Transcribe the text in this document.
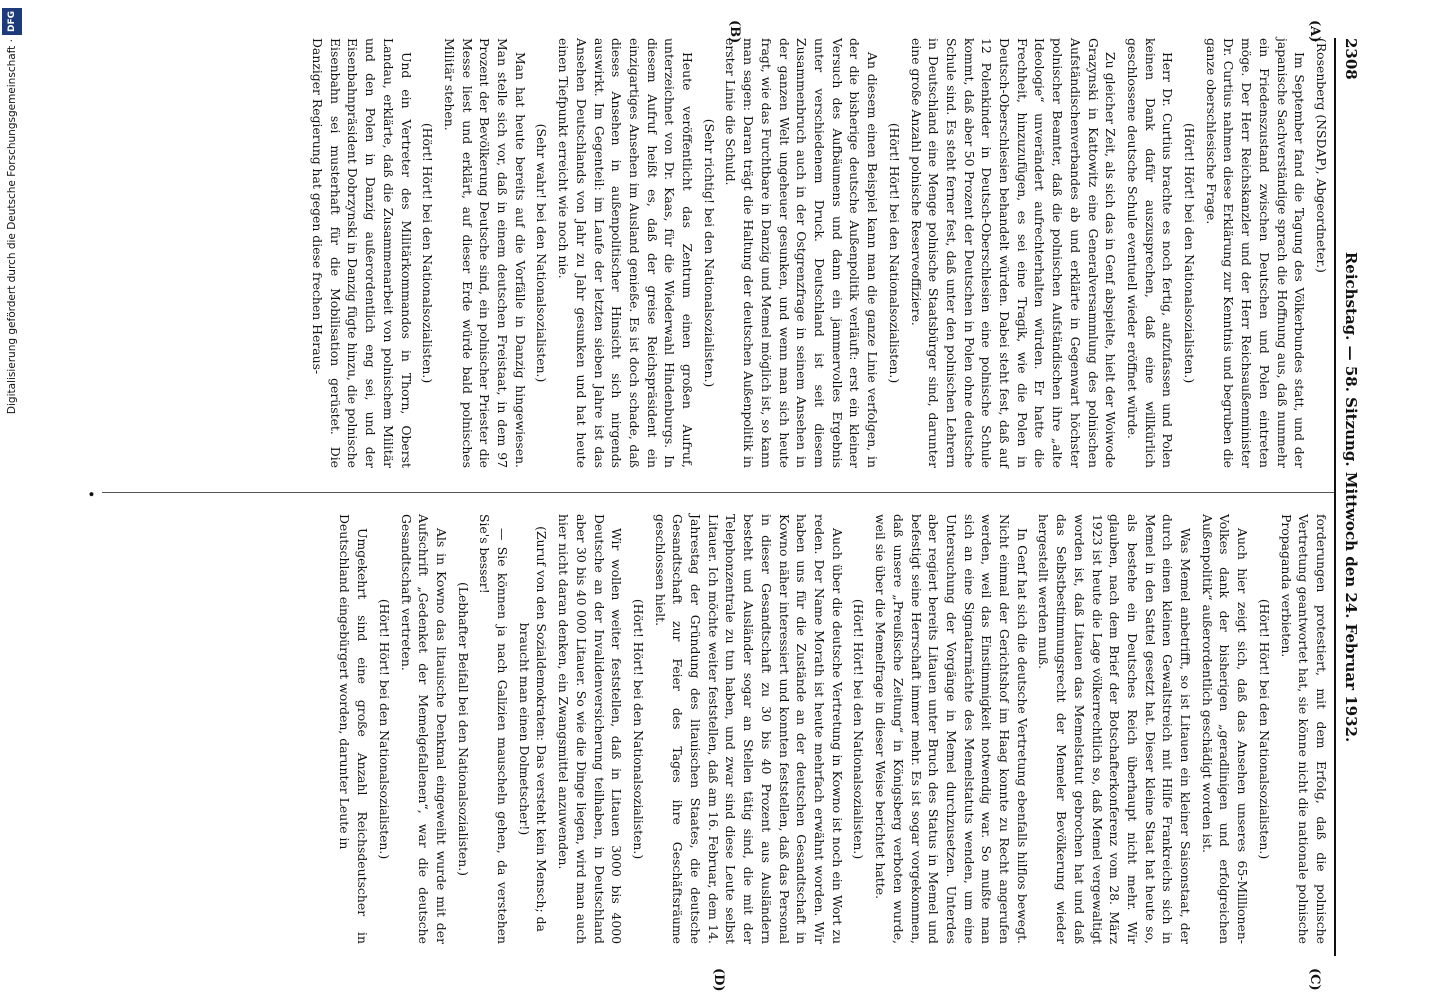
2308
Reichstag. — 58. Sitzung. Mittwoch den 24. Februar 1932.
(A)
(B)
(C)
(D)

(Rosenberg (NSDAP), Abgeordneter.)

Im September fand die Tagung des Völkerbundes statt, und der japanische Sachverständige sprach die Hoffnung aus, daß nunmehr ein Friedenszustand zwischen Deutschen und Polen eintreten möge. Der Herr Reichskanzler und der Herr Reichsaußenminister Dr. Curtius nahmen diese Erklärung zur Kenntnis und begruben die ganze oberschlesische Frage.

(Hört! Hört! bei den Nationalsozialisten.)

Herr Dr. Curtius brachte es noch fertig, aufzufassen und Polen keinen Dank dafür auszusprechen, daß eine willkürlich geschlossene deutsche Schule eventuell wieder eröffnet würde.

Zu gleicher Zeit, als sich das in Genf abspielte, hielt der Woiwode Grazynski in Kattowitz eine Generalversammlung des polnischen Aufständischenverbandes ab und erklärte in Gegenwart höchster polnischer Beamter, daß die polnischen Aufständischen ihre „alte Ideologie“ unverändert aufrechterhalten würden. Er hatte die Frechheit, hinzuzufügen, es sei eine Tragik, wie die Polen in Deutsch-Oberschlesien behandelt würden. Dabei steht fest, daß auf 12 Polenkinder in Deutsch-Oberschlesien eine polnische Schule kommt, daß aber 50 Prozent der Deutschen in Polen ohne deutsche Schule sind. Es steht ferner fest, daß unter den polnischen Lehrern in Deutschland eine Menge polnische Staatsbürger sind, darunter eine große Anzahl polnische Reserveoffiziere.

(Hört! Hört! bei den Nationalsozialisten.)

An diesem einen Beispiel kann man die ganze Linie verfolgen, in der die bisherige deutsche Außenpolitik verläuft: erst ein kleiner Versuch des Aufbäumens und dann ein jammervolles Ergebnis unter verschiedenem Druck. Deutschland ist seit diesem Zusammenbruch auch in der Ostgrenzfrage in seinem Ansehen in der ganzen Welt ungeheuer gesunken, und wenn man sich heute fragt, wie das Furchtbare in Danzig und Memel möglich ist, so kann man sagen: Daran trägt die Haltung der deutschen Außenpolitik in erster Linie die Schuld.

(Sehr richtig! bei den Nationalsozialisten.)

Heute veröffentlicht das Zentrum einen großen Aufruf, unterzeichnet von Dr. Kaas, für die Wiederwahl Hindenburgs. In diesem Aufruf heißt es, daß der greise Reichspräsident ein einzigartiges Ansehen im Ausland genieße. Es ist doch schade, daß dieses Ansehen in außenpolitischer Hinsicht sich nirgends auswirkt. Im Gegenteil: im Laufe der letzten sieben Jahre ist das Ansehen Deutschlands von Jahr zu Jahr gesunken und hat heute einen Tiefpunkt erreicht wie noch nie.

(Sehr wahr! bei den Nationalsozialisten.)

Man hat heute bereits auf die Vorfälle in Danzig hingewiesen. Man stelle sich vor, daß in einem deutschen Freistaat, in dem 97 Prozent der Bevölkerung Deutsche sind, ein polnischer Priester die Messe liest und erklärt, auf dieser Erde würde bald polnisches Militär stehen.

(Hört! Hört! bei den Nationalsozialisten.)

Und ein Vertreter des Militärkommandos in Thorn, Oberst Landau, erklärte, daß die Zusammenarbeit von polnischem Militär und den Polen in Danzig außerordentlich eng sei, und der Eisenbahnpräsident Dobrzynski in Danzig fügte hinzu, die polnische Eisenbahn sei musterhaft für die Mobilisation gerüstet. Die Danziger Regierung hat gegen diese frechen Heraus-

forderungen protestiert, mit dem Erfolg, daß die polnische Vertretung geantwortet hat, sie könne nicht die nationale polnische Propaganda verbieten.

(Hört! Hört! bei den Nationalsozialisten.)

Auch hier zeigt sich, daß das Ansehen unseres 65-Millionen-Volkes dank der bisherigen „geradlinigen und erfolgreichen Außenpolitik“ außerordentlich geschädigt worden ist.

Was Memel anbetrifft, so ist Litauen ein kleiner Saisonstaat, der durch einen kleinen Gewaltstreich mit Hilfe Frankreichs sich in Memel in den Sattel gesetzt hat. Dieser kleine Staat hat heute so, als bestehe ein Deutsches Reich überhaupt nicht mehr. Wir glauben, nach dem Brief der Botschafterkonferenz vom 28. März 1923 ist heute die Lage völkerrechtlich so, daß Memel vergewaltigt worden ist, daß Litauen das Memelstatut gebrochen hat und daß das Selbstbestimmungsrecht der Memeler Bevölkerung wieder hergestellt werden muß.

In Genf hat sich die deutsche Vertretung ebenfalls hilflos bewegt. Nicht einmal der Gerichtshof im Haag konnte zu Recht angerufen werden, weil das Einstimmigkeit notwendig war. So mußte man sich an eine Signatarmächte des Memelstatuts wenden, um eine Untersuchung der Vorgänge in Memel durchzusetzen. Unterdes aber regiert bereits Litauen unter Bruch des Status in Memel und befestigt seine Herrschaft immer mehr. Es ist sogar vorgekommen, daß unsere „Preußische Zeitung“ in Königsberg verboten wurde, weil sie über die Memelfrage in dieser Weise berichtet hatte.

(Hört! Hört! bei den Nationalsozialisten.)

Auch über die deutsche Vertretung in Kowno ist noch ein Wort zu reden. Der Name Morath ist heute mehrfach erwähnt worden. Wir haben uns für die Zustände an der deutschen Gesandtschaft in Kowno näher interessiert und konnten feststellen, daß das Personal in dieser Gesandtschaft zu 30 bis 40 Prozent aus Ausländern besteht und Ausländer sogar an Stellen tätig sind, die mit der Telephonzentrale zu tun haben, und zwar sind diese Leute selbst Litauer. Ich möchte weiter feststellen, daß am 16. Februar, dem 14. Jahrestag der Gründung des litauischen Staates, die deutsche Gesandtschaft zur Feier des Tages ihre Geschäftsräume geschlossen hielt.

(Hört! Hört! bei den Nationalsozialisten.)

Wir wollen weiter feststellen, daß in Litauen 3000 bis 4000 Deutsche an der Invalidenversicherung teilhaben, in Deutschland aber 30 bis 40 000 Litauer. So wie die Dinge liegen, wird man auch hier nicht daran denken, ein Zwangsmittel anzuwenden.

(Zuruf von den Sozialdemokraten: Das versteht kein Mensch; da braucht man einen Dolmetscher!)

— Sie können ja nach Galizien mauscheln gehen, da verstehen Sie's besser!

(Lebhafter Beifall bei den Nationalsozialisten.)

Als in Kowno das litauische Denkmal eingeweiht wurde mit der Aufschrift „Gedenket der Memelgefallenen“, war die deutsche Gesandtschaft vertreten.

(Hört! Hört! bei den Nationalsozialisten.)

Umgekehrt sind eine große Anzahl Reichsdeutscher in Deutschland eingebürgert worden, darunter Leute in

•
Digitalisierung gefördert durch die Deutsche Forschungsgemeinschaft ·DFG
